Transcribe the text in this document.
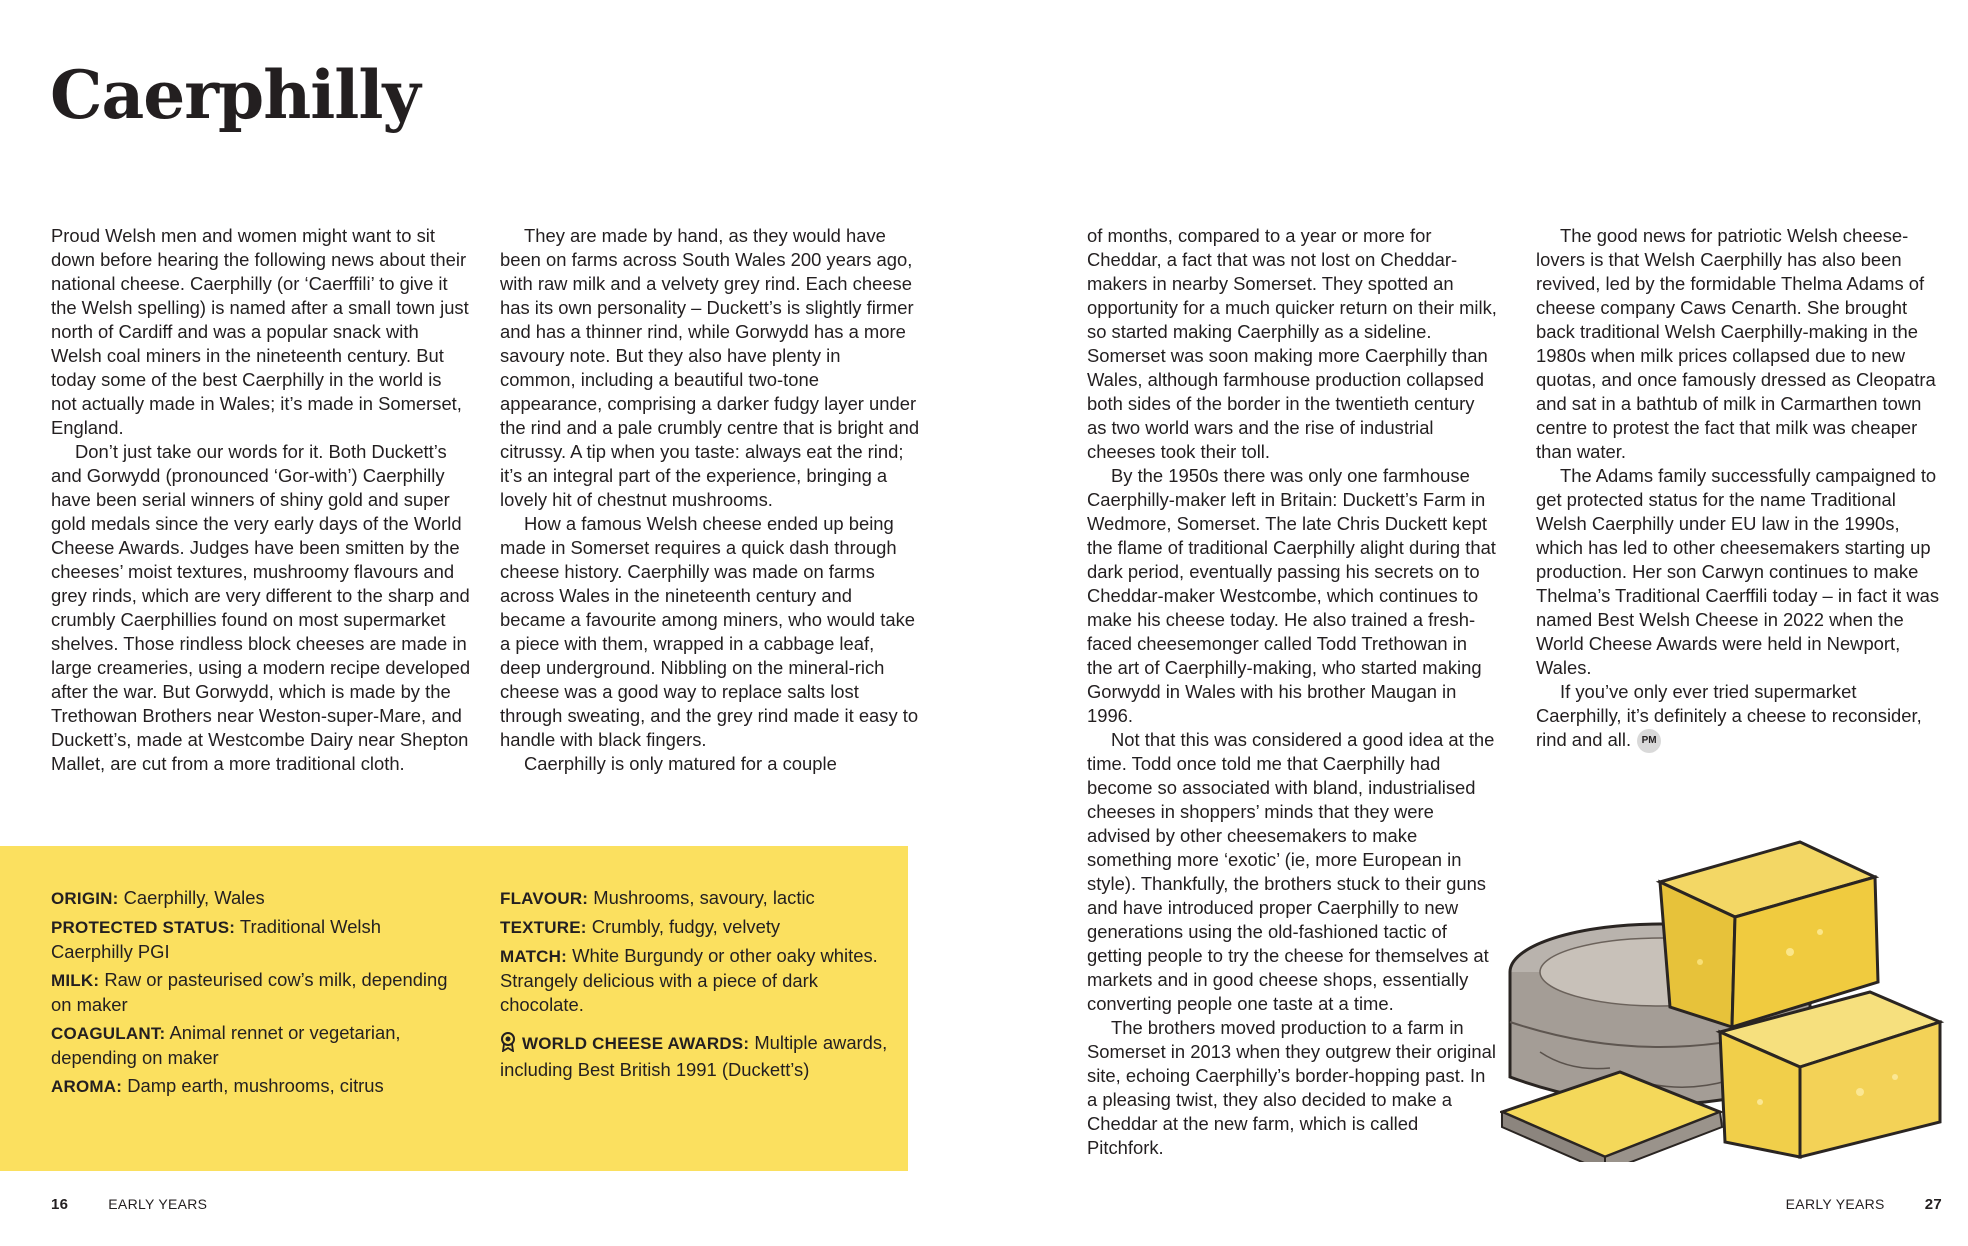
Caerphilly

Proud Welsh men and women might want to sit down before hearing the following news about their national cheese. Caerphilly (or ‘Caerffili’ to give it the Welsh spelling) is named after a small town just north of Cardiff and was a popular snack with Welsh coal miners in the nineteenth century. But today some of the best Caerphilly in the world is not actually made in Wales; it’s made in Somerset, England.

Don’t just take our words for it. Both Duckett’s and Gorwydd (pronounced ‘Gor-with’) Caerphilly have been serial winners of shiny gold and super gold medals since the very early days of the World Cheese Awards. Judges have been smitten by the cheeses’ moist textures, mushroomy flavours and grey rinds, which are very different to the sharp and crumbly Caerphillies found on most supermarket shelves. Those rindless block cheeses are made in large creameries, using a modern recipe developed after the war. But Gorwydd, which is made by the Trethowan Brothers near Weston-super-Mare, and Duckett’s, made at Westcombe Dairy near Shepton Mallet, are cut from a more traditional cloth.

They are made by hand, as they would have been on farms across South Wales 200 years ago, with raw milk and a velvety grey rind. Each cheese has its own personality – Duckett’s is slightly firmer and has a thinner rind, while Gorwydd has a more savoury note. But they also have plenty in common, including a beautiful two-tone appearance, comprising a darker fudgy layer under the rind and a pale crumbly centre that is bright and citrussy. A tip when you taste: always eat the rind; it’s an integral part of the experience, bringing a lovely hit of chestnut mushrooms.

How a famous Welsh cheese ended up being made in Somerset requires a quick dash through cheese history. Caerphilly was made on farms across Wales in the nineteenth century and became a favourite among miners, who would take a piece with them, wrapped in a cabbage leaf, deep underground. Nibbling on the mineral-rich cheese was a good way to replace salts lost through sweating, and the grey rind made it easy to handle with black fingers.

Caerphilly is only matured for a couple

of months, compared to a year or more for Cheddar, a fact that was not lost on Cheddar-makers in nearby Somerset. They spotted an opportunity for a much quicker return on their milk, so started making Caerphilly as a sideline. Somerset was soon making more Caerphilly than Wales, although farmhouse production collapsed both sides of the border in the twentieth century as two world wars and the rise of industrial cheeses took their toll.

By the 1950s there was only one farmhouse Caerphilly-maker left in Britain: Duckett’s Farm in Wedmore, Somerset. The late Chris Duckett kept the flame of traditional Caerphilly alight during that dark period, eventually passing his secrets on to Cheddar-maker Westcombe, which continues to make his cheese today. He also trained a fresh-faced cheesemonger called Todd Trethowan in the art of Caerphilly-making, who started making Gorwydd in Wales with his brother Maugan in 1996.

Not that this was considered a good idea at the time. Todd once told me that Caerphilly had become so associated with bland, industrialised cheeses in shoppers’ minds that they were advised by other cheesemakers to make something more ‘exotic’ (ie, more European in style). Thankfully, the brothers stuck to their guns and have introduced proper Caerphilly to new generations using the old-fashioned tactic of getting people to try the cheese for themselves at markets and in good cheese shops, essentially converting people one taste at a time.

The brothers moved production to a farm in Somerset in 2013 when they outgrew their original site, echoing Caerphilly’s border-hopping past. In a pleasing twist, they also decided to make a Cheddar at the new farm, which is called Pitchfork.

The good news for patriotic Welsh cheese-lovers is that Welsh Caerphilly has also been revived, led by the formidable Thelma Adams of cheese company Caws Cenarth. She brought back traditional Welsh Caerphilly-making in the 1980s when milk prices collapsed due to new quotas, and once famously dressed as Cleopatra and sat in a bathtub of milk in Carmarthen town centre to protest the fact that milk was cheaper than water.

The Adams family successfully campaigned to get protected status for the name Traditional Welsh Caerphilly under EU law in the 1990s, which has led to other cheesemakers starting up production. Her son Carwyn continues to make Thelma’s Traditional Caerffili today – in fact it was named Best Welsh Cheese in 2022 when the World Cheese Awards were held in Newport, Wales.

If you’ve only ever tried supermarket Caerphilly, it’s definitely a cheese to reconsider, rind and all. PM

ORIGIN: Caerphilly, Wales

PROTECTED STATUS: Traditional Welsh Caerphilly PGI

MILK: Raw or pasteurised cow’s milk, depending on maker

COAGULANT: Animal rennet or vegetarian, depending on maker

AROMA: Damp earth, mushrooms, citrus

FLAVOUR: Mushrooms, savoury, lactic

TEXTURE: Crumbly, fudgy, velvety

MATCH: White Burgundy or other oaky whites. Strangely delicious with a piece of dark chocolate.

WORLD CHEESE AWARDS: Multiple awards, including Best British 1991 (Duckett’s)

16	EARLY YEARS	EARLY YEARS	27
